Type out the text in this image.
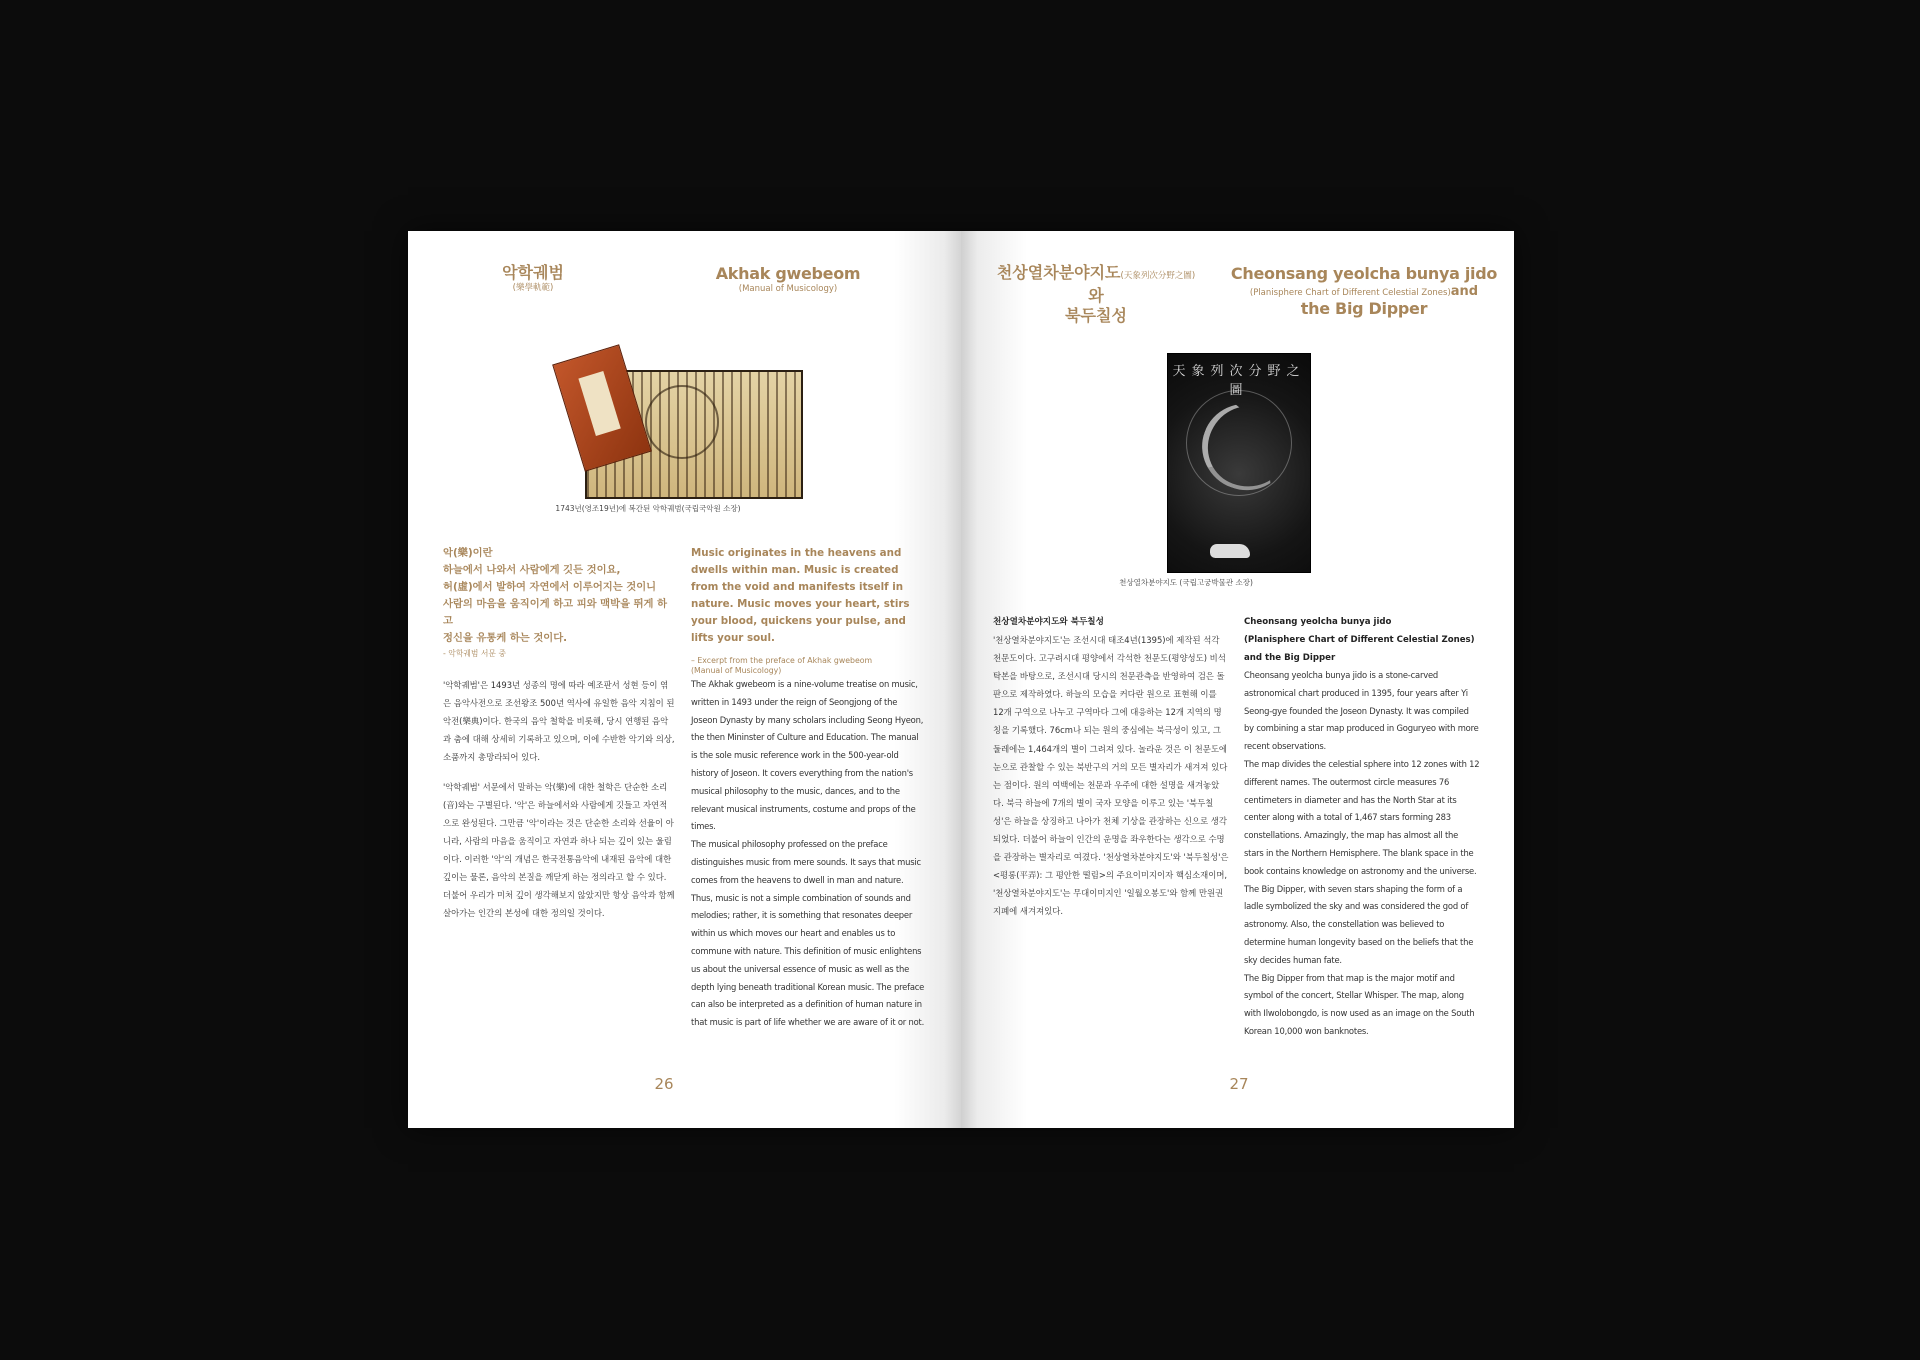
악학궤범
(樂學軌範)
Akhak gwebeom
(Manual of Musicology)
1743년(영조19년)에 복간된 악학궤범(국립국악원 소장)
악(樂)이란
하늘에서 나와서 사람에게 깃든 것이요,
허(虛)에서 발하여 자연에서 이루어지는 것이니
사람의 마음을 움직이게 하고 피와 맥박을 뛰게 하고
정신을 유통케 하는 것이다.
- 악학궤범 서문 중
Music originates in the heavens and dwells within man. Music is created from the void and manifests itself in nature. Music moves your heart, stirs your blood, quickens your pulse, and lifts your soul.
– Excerpt from the preface of Akhak gwebeom
(Manual of Musicology)

'악학궤범'은 1493년 성종의 명에 따라 예조판서 성현 등이 엮은 음악사전으로 조선왕조 500년 역사에 유일한 음악 지침이 된 악전(樂典)이다. 한국의 음악 철학을 비롯해, 당시 연행된 음악과 춤에 대해 상세히 기록하고 있으며, 이에 수반한 악기와 의상, 소품까지 총망라되어 있다.

'악학궤범' 서문에서 말하는 악(樂)에 대한 철학은 단순한 소리(音)와는 구별된다. '악'은 하늘에서와 사람에게 깃들고 자연적으로 완성된다. 그만큼 '악'이라는 것은 단순한 소리와 선율이 아니라, 사람의 마음을 움직이고 자연과 하나 되는 깊이 있는 울림이다. 이러한 '악'의 개념은 한국전통음악에 내재된 음악에 대한 깊이는 물론, 음악의 본질을 깨닫게 하는 정의라고 할 수 있다. 더불어 우리가 미처 깊이 생각해보지 않았지만 항상 음악과 함께 살아가는 인간의 본성에 대한 정의일 것이다.

The Akhak gwebeom is a nine-volume treatise on music, written in 1493 under the reign of Seongjong of the Joseon Dynasty by many scholars including Seong Hyeon, the then Mininster of Culture and Education. The manual is the sole music reference work in the 500-year-old history of Joseon. It covers everything from the nation's musical philosophy to the music, dances, and to the relevant musical instruments, costume and props of the times.

The musical philosophy professed on the preface distinguishes music from mere sounds. It says that music comes from the heavens to dwell in man and nature. Thus, music is not a simple combination of sounds and melodies; rather, it is something that resonates deeper within us which moves our heart and enables us to commune with nature. This definition of music enlightens us about the universal essence of music as well as the depth lying beneath traditional Korean music. The preface can also be interpreted as a definition of human nature in that music is part of life whether we are aware of it or not.

26
천상열차분야지도(天象列次分野之圖)와
북두칠성
Cheonsang yeolcha bunya jido
(Planisphere Chart of Different Celestial Zones)and
the Big Dipper
천상열차분야지도 (국립고궁박물관 소장)
천상열차분야지도와 북두칠성
'천상열차분야지도'는 조선시대 태조4년(1395)에 제작된 석각 천문도이다. 고구려시대 평양에서 각석한 천문도(평양성도) 비석 탁본을 바탕으로, 조선시대 당시의 천문관측을 반영하여 검은 돌판으로 제작하였다. 하늘의 모습을 커다란 원으로 표현해 이를 12개 구역으로 나누고 구역마다 그에 대응하는 12개 지역의 명칭을 기록했다. 76cm나 되는 원의 중심에는 북극성이 있고, 그 둘레에는 1,464개의 별이 그려져 있다. 놀라운 것은 이 천문도에 눈으로 관찰할 수 있는 북반구의 거의 모든 별자리가 새겨져 있다는 점이다. 원의 여백에는 천문과 우주에 대한 설명을 새겨놓았다. 북극 하늘에 7개의 별이 국자 모양을 이루고 있는 '북두칠성'은 하늘을 상징하고 나아가 천체 기상을 관장하는 신으로 생각되었다. 더불어 하늘이 인간의 운명을 좌우한다는 생각으로 수명을 관장하는 별자리로 여겼다. '천상열차분야지도'와 '북두칠성'은 <평롱(平弄): 그 평안한 떨림>의 주요이미지이자 핵심소재이며, '천상열차분야지도'는 무대이미지인 '일월오봉도'와 함께 만원권 지폐에 새겨져있다.
Cheonsang yeolcha bunya jido
(Planisphere Chart of Different Celestial Zones)
and the Big Dipper

Cheonsang yeolcha bunya jido is a stone-carved astronomical chart produced in 1395, four years after Yi Seong-gye founded the Joseon Dynasty. It was compiled by combining a star map produced in Goguryeo with more recent observations.

The map divides the celestial sphere into 12 zones with 12 different names. The outermost circle measures 76 centimeters in diameter and has the North Star at its center along with a total of 1,467 stars forming 283 constellations. Amazingly, the map has almost all the stars in the Northern Hemisphere. The blank space in the book contains knowledge on astronomy and the universe.

The Big Dipper, with seven stars shaping the form of a ladle symbolized the sky and was considered the god of astronomy. Also, the constellation was believed to determine human longevity based on the beliefs that the sky decides human fate.

The Big Dipper from that map is the major motif and symbol of the concert, Stellar Whisper. The map, along with Ilwolobongdo, is now used as an image on the South Korean 10,000 won banknotes.

27
天象列次分野之圖
